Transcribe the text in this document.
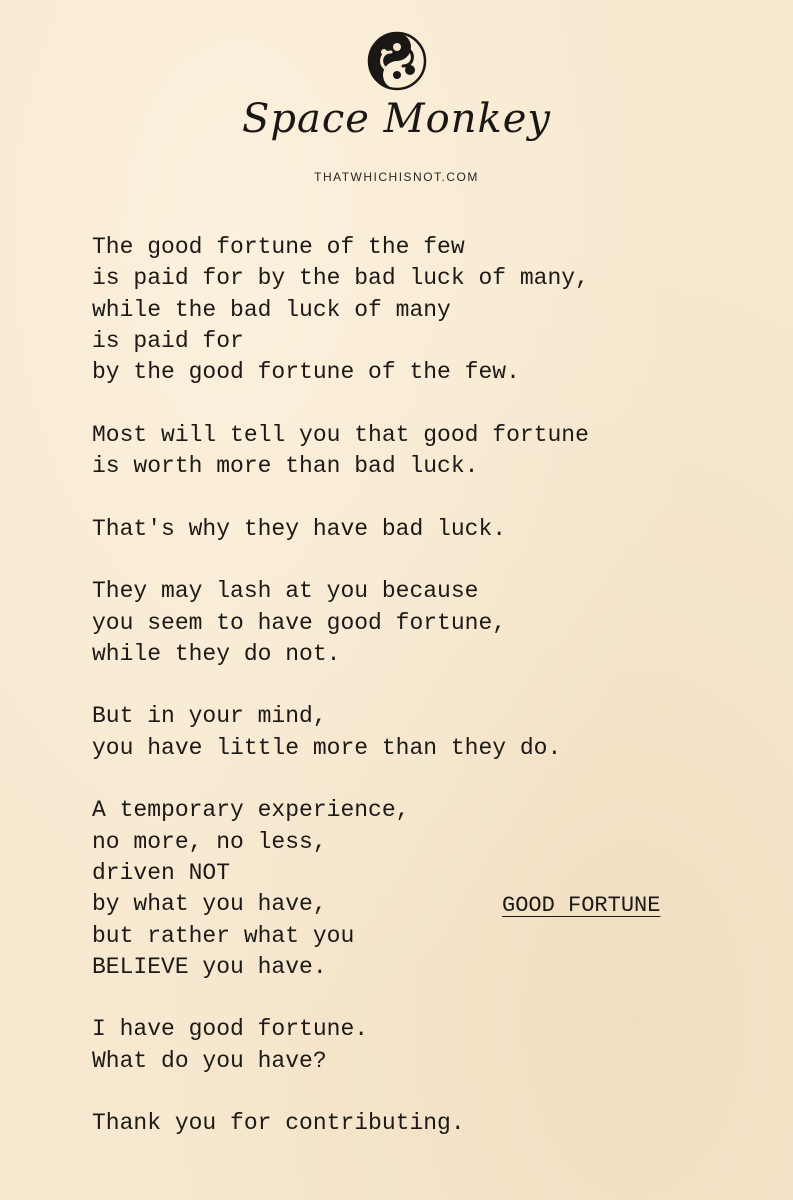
Space Monkey
THATWHICHISNOT.COM
The good fortune of the few
is paid for by the bad luck of many,
while the bad luck of many
is paid for
by the good fortune of the few.
Most will tell you that good fortune
is worth more than bad luck.
That's why they have bad luck.
They may lash at you because
you seem to have good fortune,
while they do not.
But in your mind,
you have little more than they do.
A temporary experience,
no more, no less,
driven NOT
by what you have,
but rather what you
BELIEVE you have.
I have good fortune.
What do you have?
Thank you for contributing.
GOOD FORTUNE
